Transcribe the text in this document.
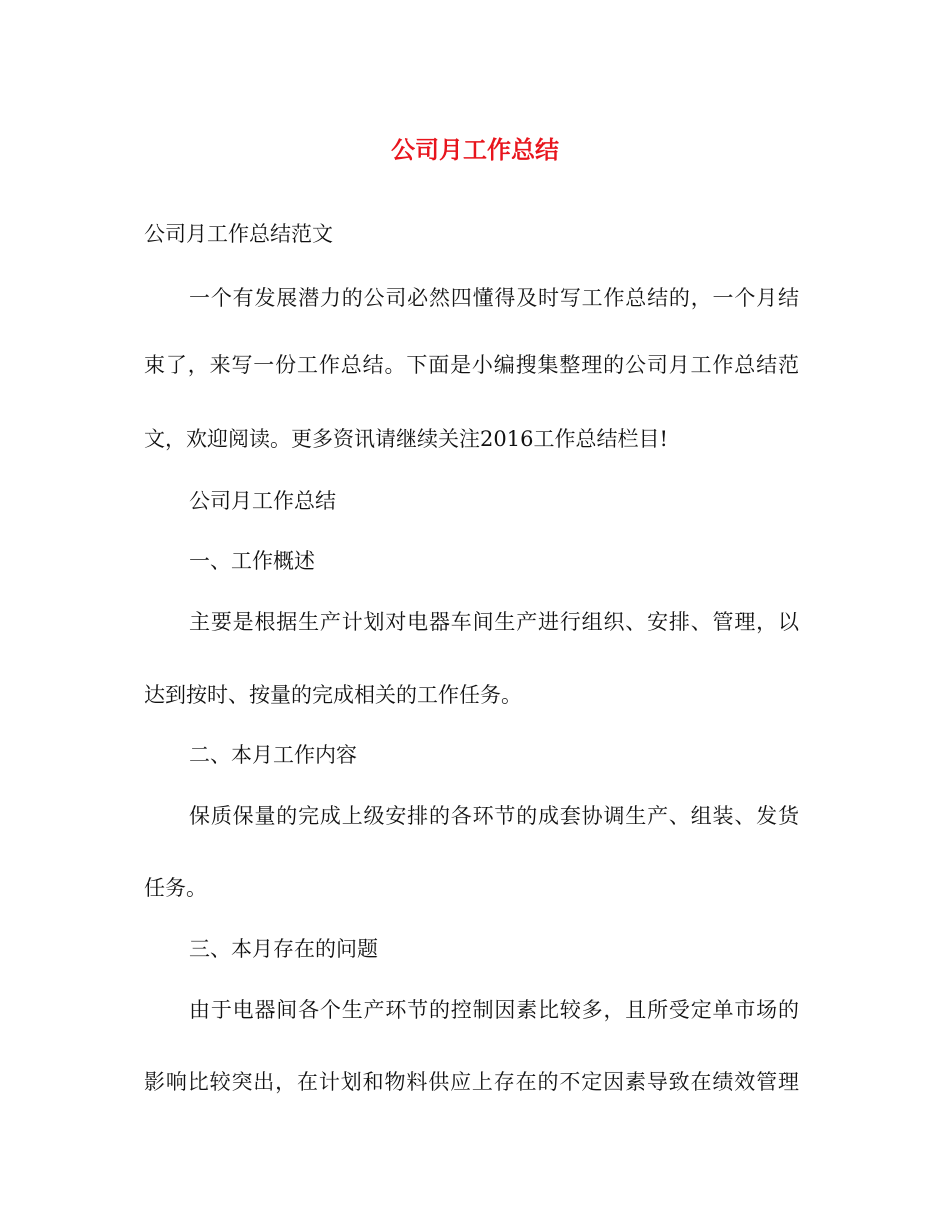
公司月工作总结
公司月工作总结范文
一个有发展潜力的公司必然四懂得及时写工作总结的，一个月结
束了，来写一份工作总结。下面是小编搜集整理的公司月工作总结范
文，欢迎阅读。更多资讯请继续关注2016工作总结栏目!
公司月工作总结
一、工作概述
主要是根据生产计划对电器车间生产进行组织、安排、管理，以
达到按时、按量的完成相关的工作任务。
二、本月工作内容
保质保量的完成上级安排的各环节的成套协调生产、组装、发货
任务。
三、本月存在的问题
由于电器间各个生产环节的控制因素比较多，且所受定单市场的
影响比较突出，在计划和物料供应上存在的不定因素导致在绩效管理
